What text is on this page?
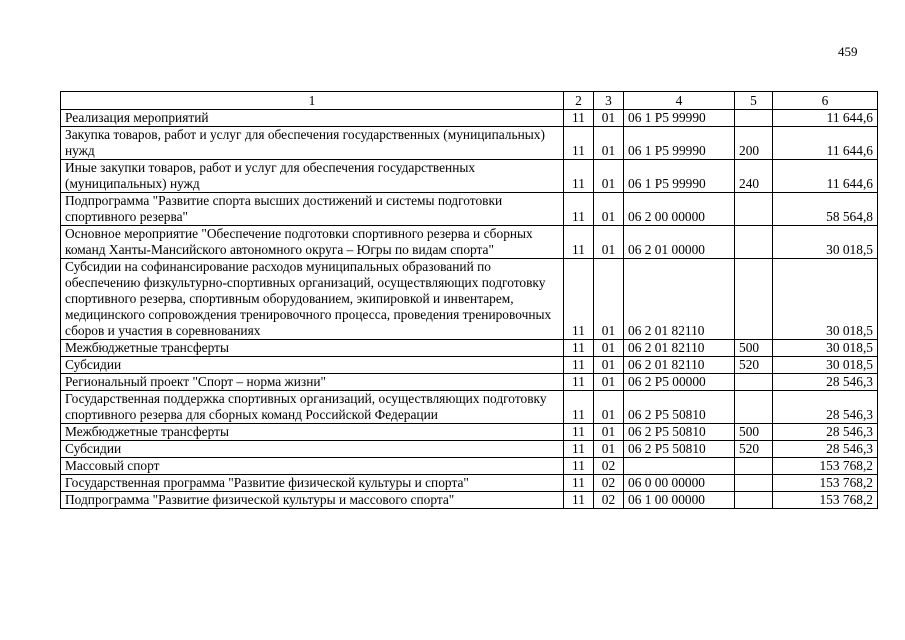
459
1	2	3	4	5	6
Реализация мероприятий	11	01	06 1 Р5 99990		11 644,6
Закупка товаров, работ и услуг для обеспечения государственных (муниципальных) нужд	11	01	06 1 Р5 99990	200	11 644,6
Иные закупки товаров, работ и услуг для обеспечения государственных (муниципальных) нужд	11	01	06 1 Р5 99990	240	11 644,6
Подпрограмма "Развитие спорта высших достижений и системы подготовки спортивного резерва"	11	01	06 2 00 00000		58 564,8
Основное мероприятие "Обеспечение подготовки спортивного резерва и сборных команд Ханты-Мансийского автономного округа – Югры по видам спорта"	11	01	06 2 01 00000		30 018,5
Субсидии на софинансирование расходов муниципальных образований по обеспечению физкультурно-спортивных организаций, осуществляющих подготовку спортивного резерва, спортивным оборудованием, экипировкой и инвентарем, медицинского сопровождения тренировочного процесса, проведения тренировочных сборов и участия в соревнованиях	11	01	06 2 01 82110		30 018,5
Межбюджетные трансферты	11	01	06 2 01 82110	500	30 018,5
Субсидии	11	01	06 2 01 82110	520	30 018,5
Региональный проект "Спорт – норма жизни"	11	01	06 2 Р5 00000		28 546,3
Государственная поддержка спортивных организаций, осуществляющих подготовку спортивного резерва для сборных команд Российской Федерации	11	01	06 2 Р5 50810		28 546,3
Межбюджетные трансферты	11	01	06 2 Р5 50810	500	28 546,3
Субсидии	11	01	06 2 Р5 50810	520	28 546,3
Массовый спорт	11	02			153 768,2
Государственная программа "Развитие физической культуры и спорта"	11	02	06 0 00 00000		153 768,2
Подпрограмма "Развитие физической культуры и массового спорта"	11	02	06 1 00 00000		153 768,2
